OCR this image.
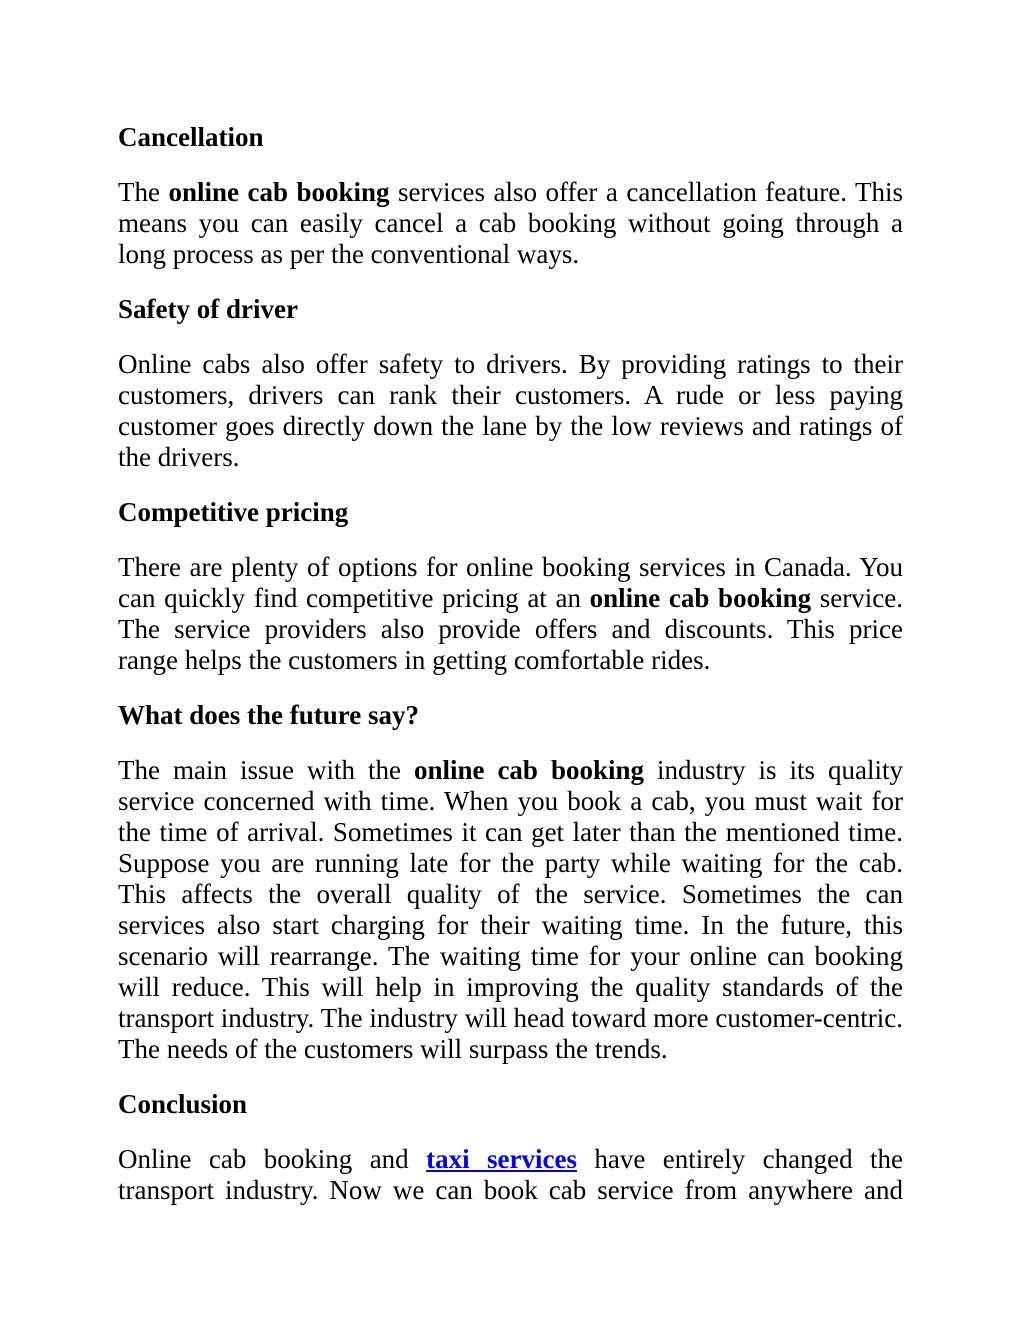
Cancellation

The online cab booking services also offer a cancellation feature. This means you can easily cancel a cab booking without going through a long process as per the conventional ways.

Safety of driver

Online cabs also offer safety to drivers. By providing ratings to their customers, drivers can rank their customers. A rude or less paying customer goes directly down the lane by the low reviews and ratings of the drivers.

Competitive pricing

There are plenty of options for online booking services in Canada. You can quickly find competitive pricing at an online cab booking service. The service providers also provide offers and discounts. This price range helps the customers in getting comfortable rides.

What does the future say?

The main issue with the online cab booking industry is its quality service concerned with time. When you book a cab, you must wait for the time of arrival. Sometimes it can get later than the mentioned time. Suppose you are running late for the party while waiting for the cab. This affects the overall quality of the service. Sometimes the can services also start charging for their waiting time. In the future, this scenario will rearrange. The waiting time for your online can booking will reduce. This will help in improving the quality standards of the transport industry. The industry will head toward more customer-centric. The needs of the customers will surpass the trends.

Conclusion

Online cab booking and taxi services have entirely changed the transport industry. Now we can book cab service from anywhere and
